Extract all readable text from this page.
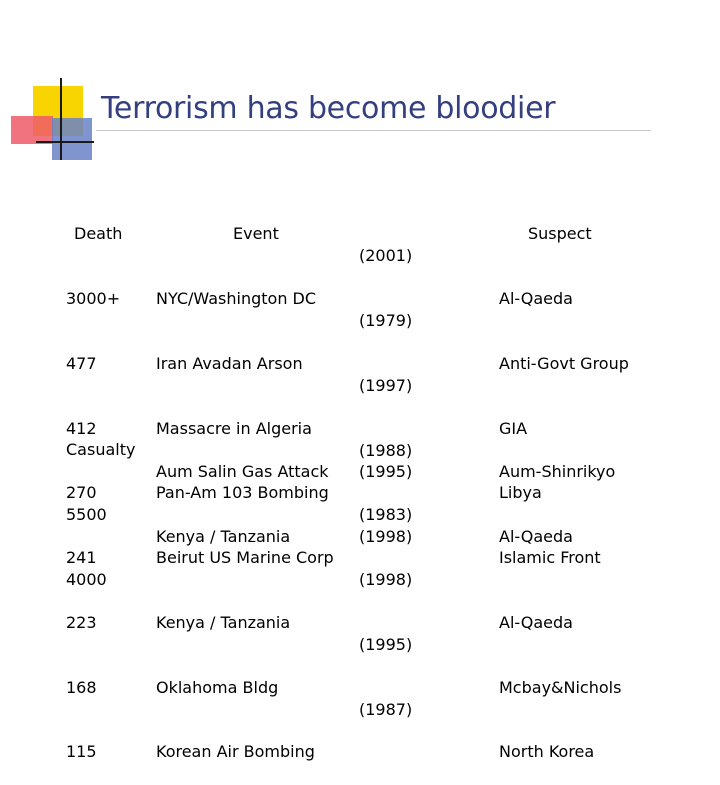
Terrorism has become bloodier

Death

3000+

477

412

270

241

223

168

115

Event

NYC/Washington DC

Iran Avadan Arson

Massacre in Algeria

Pan-Am 103 Bombing

Beirut US Marine Corp

Kenya / Tanzania

Oklahoma Bldg

Korean Air Bombing

(2001)

(1979)

(1997)

(1988)

(1983)

(1998)

(1995)

(1987)

Suspect

Al-Qaeda

Anti-Govt Group

GIA

Libya

Islamic Front

Al-Qaeda

Mcbay&Nichols

North Korea

Casualty

5500

4000

Aum Salin Gas Attack

Kenya / Tanzania

(1995)

(1998)

Aum-Shinrikyo

Al-Qaeda
